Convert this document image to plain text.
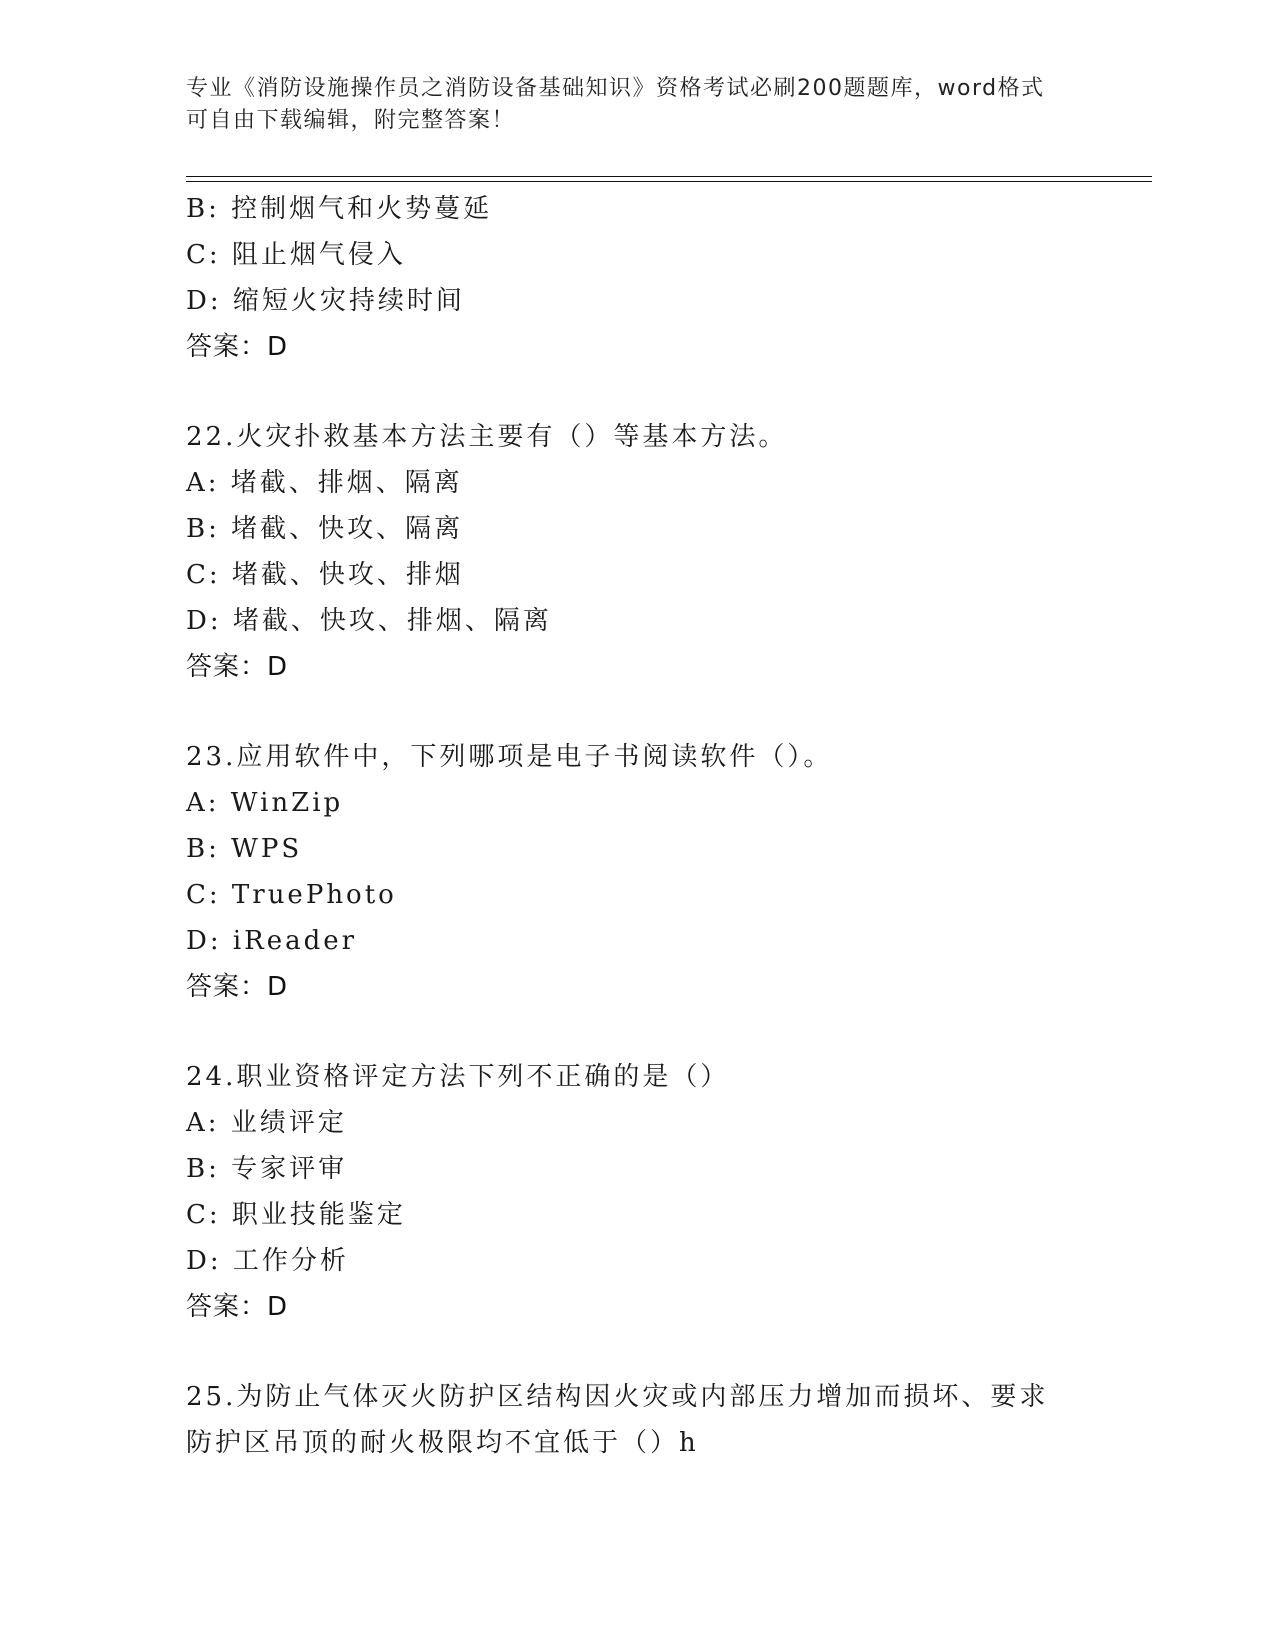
专业《消防设施操作员之消防设备基础知识》资格考试必刷200题题库，word格式可自由下载编辑，附完整答案！
B: 控制烟气和火势蔓延
C: 阻止烟气侵入
D: 缩短火灾持续时间
答案：D
22.火灾扑救基本方法主要有（）等基本方法。
A: 堵截、排烟、隔离
B: 堵截、快攻、隔离
C: 堵截、快攻、排烟
D: 堵截、快攻、排烟、隔离
答案：D
23.应用软件中，下列哪项是电子书阅读软件（）。
A: WinZip
B: WPS
C: TruePhoto
D: iReader
答案：D
24.职业资格评定方法下列不正确的是（）
A: 业绩评定
B: 专家评审
C: 职业技能鉴定
D: 工作分析
答案：D
25.为防止气体灭火防护区结构因火灾或内部压力增加而损坏、要求防护区吊顶的耐火极限均不宜低于（）h
